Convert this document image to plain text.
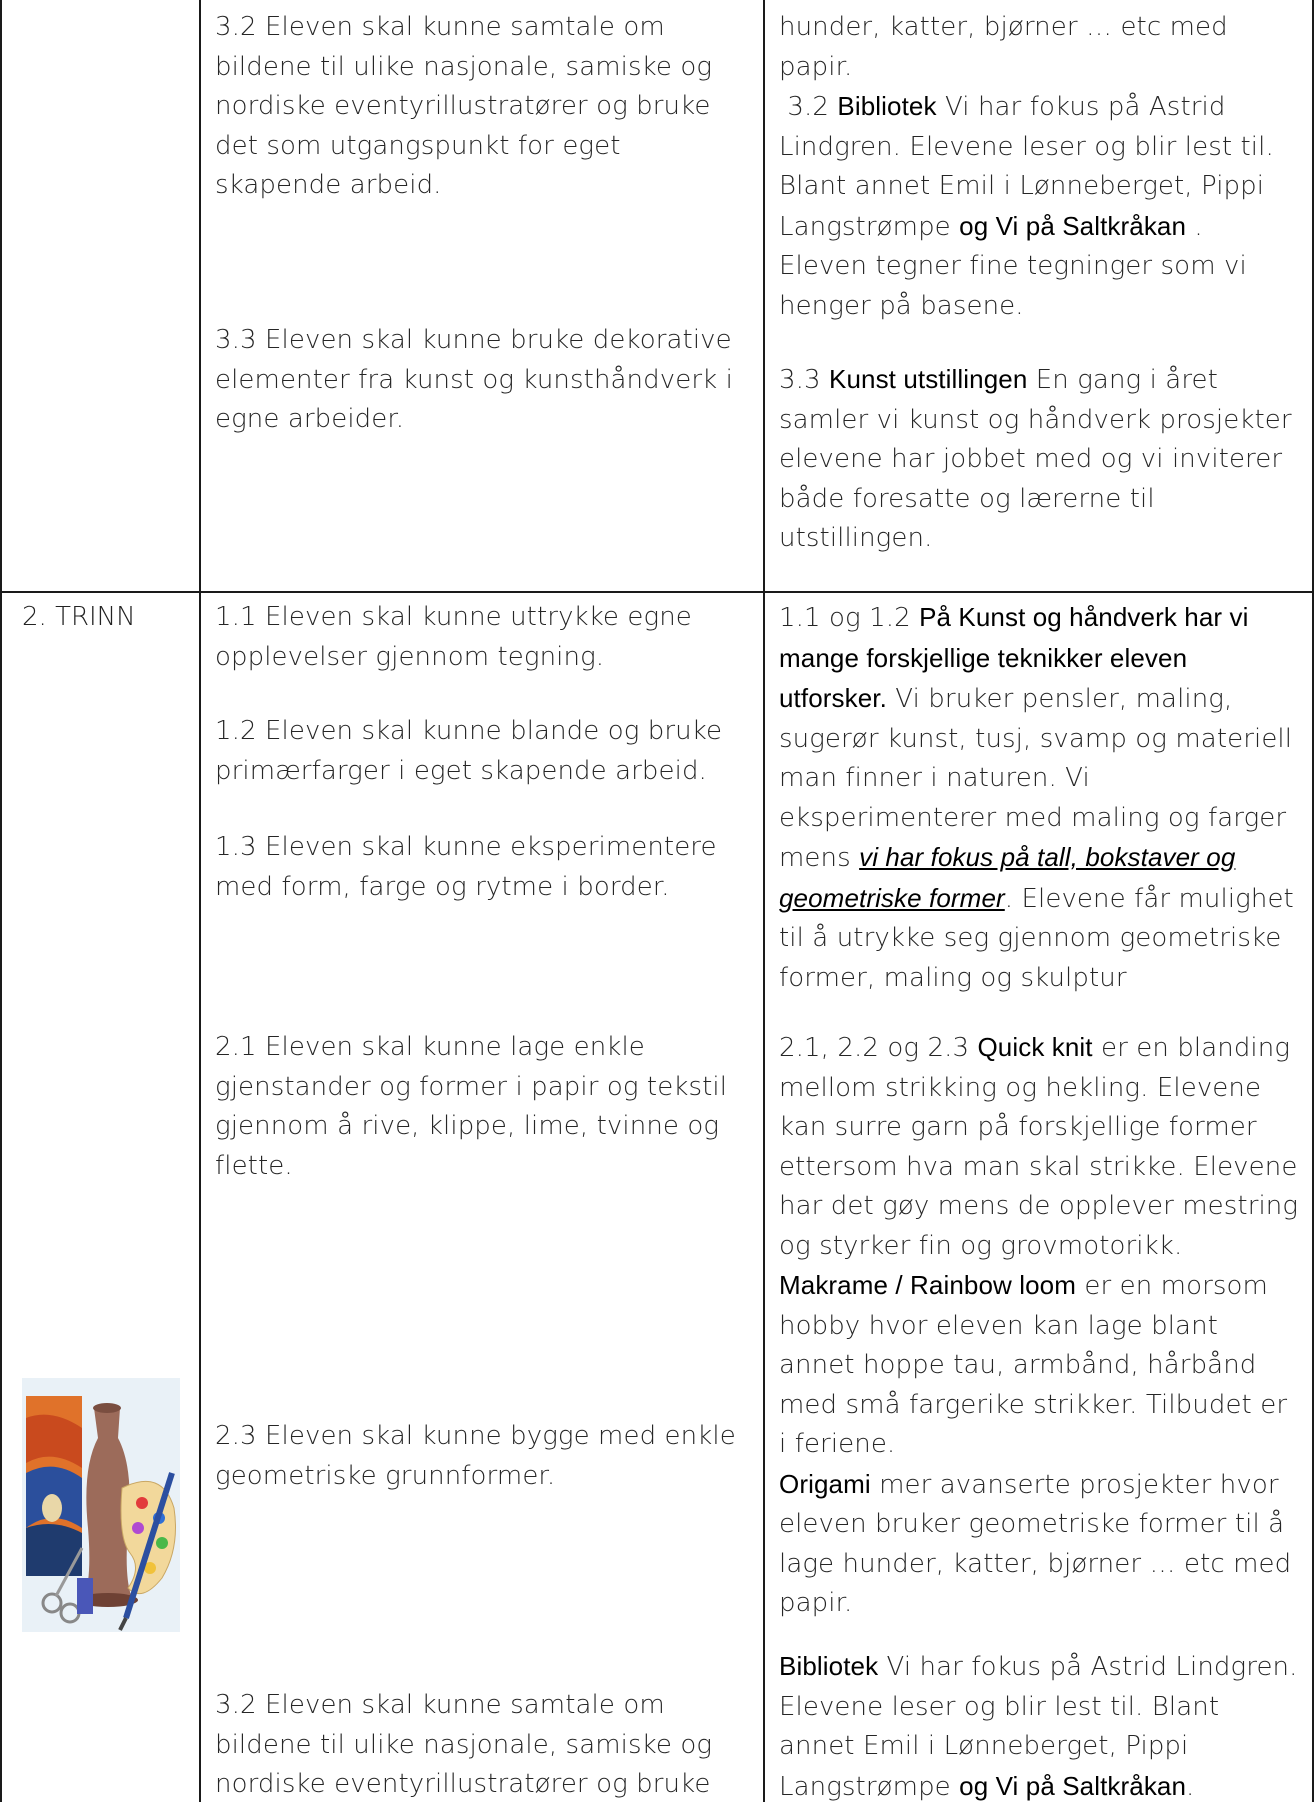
3.2 Eleven skal kunne samtale om bildene til ulike nasjonale, samiske og nordiske eventyrillustratører og bruke det som utgangspunkt for eget skapende arbeid.
3.3 Eleven skal kunne bruke dekorative elementer fra kunst og kunsthåndverk i egne arbeider.
hunder, katter, bjørner … etc med papir.
3.2 Bibliotek Vi har fokus på Astrid Lindgren. Elevene leser og blir lest til. Blant annet Emil i Lønneberget, Pippi Langstrømpe og Vi på Saltkråkan . Eleven tegner fine tegninger som vi henger på basene.
3.3 Kunst utstillingen En gang i året samler vi kunst og håndverk prosjekter elevene har jobbet med og vi inviterer både foresatte og lærerne til utstillingen.
2. TRINN	1.1 Eleven skal kunne uttrykke egne opplevelser gjennom tegning.
1.2 Eleven skal kunne blande og bruke primærfarger i eget skapende arbeid.
1.3 Eleven skal kunne eksperimentere med form, farge og rytme i border.
2.1 Eleven skal kunne lage enkle gjenstander og former i papir og tekstil gjennom å rive, klippe, lime, tvinne og flette.
2.3 Eleven skal kunne bygge med enkle geometriske grunnformer.
3.2 Eleven skal kunne samtale om bildene til ulike nasjonale, samiske og nordiske eventyrillustratører og bruke
1.1 og 1.2 På Kunst og håndverk har vi mange forskjellige teknikker eleven utforsker. Vi bruker pensler, maling, sugerør kunst, tusj, svamp og materiell man finner i naturen. Vi eksperimenterer med maling og farger mens vi har fokus på tall, bokstaver og geometriske former. Elevene får mulighet til å utrykke seg gjennom geometriske former, maling og skulptur
2.1, 2.2 og 2.3 Quick knit er en blanding mellom strikking og hekling. Elevene kan surre garn på forskjellige former ettersom hva man skal strikke. Elevene har det gøy mens de opplever mestring og styrker fin og grovmotorikk.
Makrame / Rainbow loom er en morsom hobby hvor eleven kan lage blant annet hoppe tau, armbånd, hårbånd med små fargerike strikker. Tilbudet er i feriene.
Origami mer avanserte prosjekter hvor eleven bruker geometriske former til å lage hunder, katter, bjørner … etc med papir.
Bibliotek Vi har fokus på Astrid Lindgren. Elevene leser og blir lest til. Blant annet Emil i Lønneberget, Pippi Langstrømpe og Vi på Saltkråkan.
